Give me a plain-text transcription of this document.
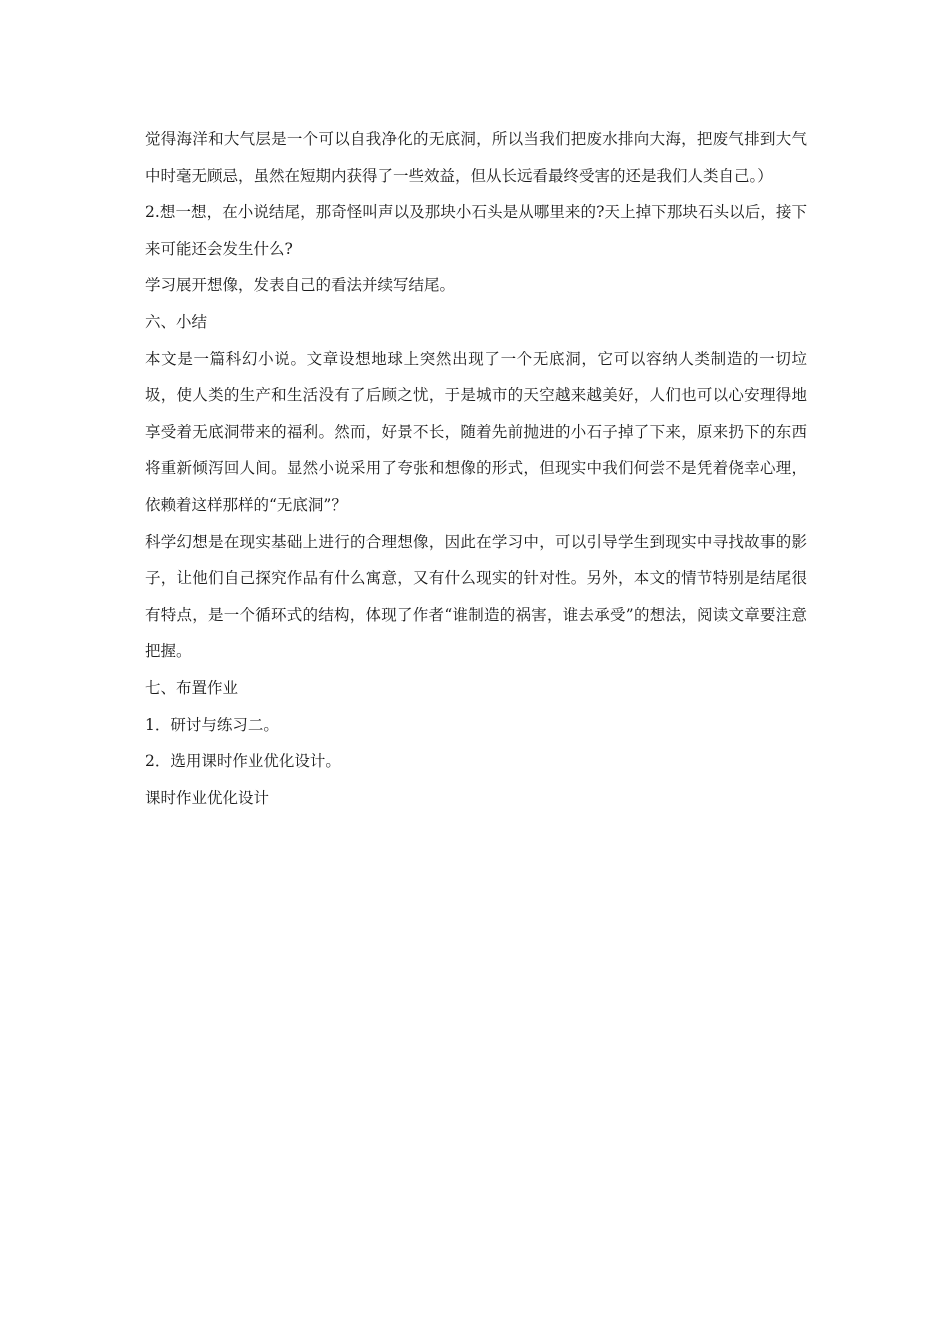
觉得海洋和大气层是一个可以自我净化的无底洞，所以当我们把废水排向大海，把废气排到大气中时毫无顾忌，虽然在短期内获得了一些效益，但从长远看最终受害的还是我们人类自己。）

2.想一想，在小说结尾，那奇怪叫声以及那块小石头是从哪里来的?天上掉下那块石头以后，接下来可能还会发生什么?

学习展开想像，发表自己的看法并续写结尾。

六、小结

本文是一篇科幻小说。文章设想地球上突然出现了一个无底洞，它可以容纳人类制造的一切垃圾，使人类的生产和生活没有了后顾之忧，于是城市的天空越来越美好，人们也可以心安理得地享受着无底洞带来的福利。然而，好景不长，随着先前抛进的小石子掉了下来，原来扔下的东西将重新倾泻回人间。显然小说采用了夸张和想像的形式，但现实中我们何尝不是凭着侥幸心理，依赖着这样那样的“无底洞”？

科学幻想是在现实基础上进行的合理想像，因此在学习中，可以引导学生到现实中寻找故事的影子，让他们自己探究作品有什么寓意，又有什么现实的针对性。另外，本文的情节特别是结尾很有特点，是一个循环式的结构，体现了作者“谁制造的祸害，谁去承受”的想法，阅读文章要注意把握。

七、布置作业

1．研讨与练习二。

2．选用课时作业优化设计。

课时作业优化设计
